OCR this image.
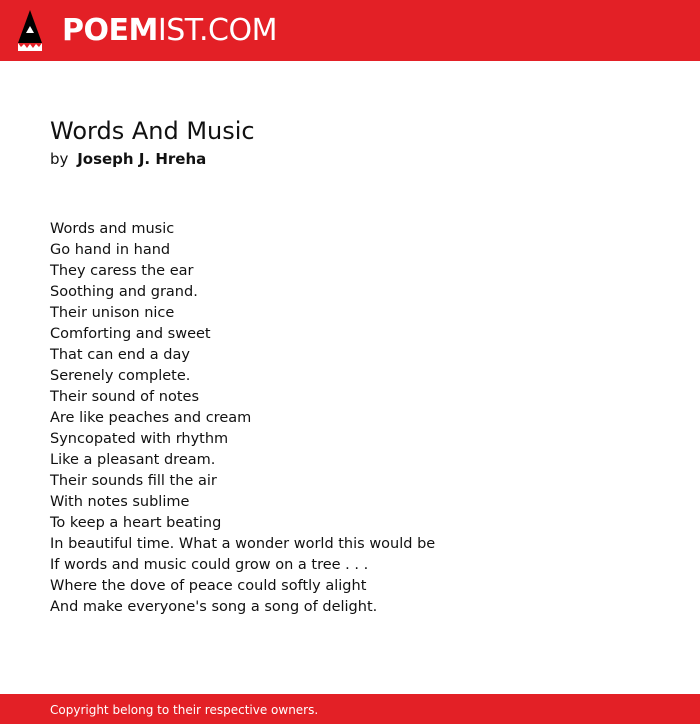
POEMIST.COM
Words And Music
by Joseph J. Hreha
Words and music
Go hand in hand
They caress the ear
Soothing and grand.
Their unison nice
Comforting and sweet
That can end a day
Serenely complete.
Their sound of notes
Are like peaches and cream
Syncopated with rhythm
Like a pleasant dream.
Their sounds fill the air
With notes sublime
To keep a heart beating
In beautiful time. What a wonder world this would be
If words and music could grow on a tree . . .
Where the dove of peace could softly alight
And make everyone's song a song of delight.
Copyright belong to their respective owners.
